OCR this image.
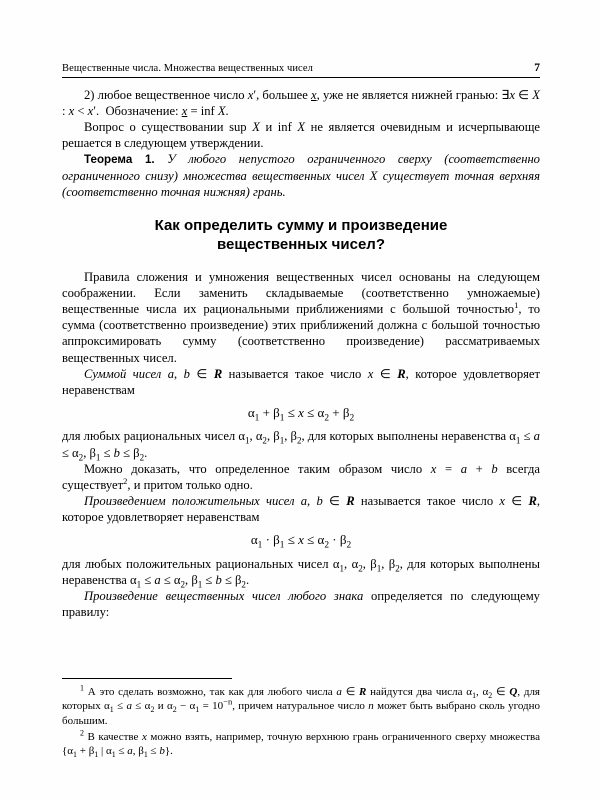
Вещественные числа. Множества вещественных чисел	7

2) любое вещественное число x′, большее x, уже не является нижней гранью: ∃x ∈ X : x < x′.  Обозначение: x = inf X.

Вопрос о существовании sup X и inf X не является очевидным и исчерпывающе решается в следующем утверждении.

Теорема 1. У любого непустого ограниченного сверху (соответственно ограниченного снизу) множества вещественных чисел X существует точная верхняя (соответственно точная нижняя) грань.

Как определить сумму и произведение
вещественных чисел?

Правила сложения и умножения вещественных чисел основаны на следующем соображении. Если заменить складываемые (соответственно умножаемые) вещественные числа их рациональными приближениями с большой точностью$^1$, то сумма (соответственно произведение) этих приближений должна с большой точностью аппроксимировать сумму (соответственно произведение) рассматриваемых вещественных чисел.

Суммой чисел a, b ∈ R называется такое число x ∈ R, которое удовлетворяет неравенствам

$\alpha_1 + \beta_1 \le x \le \alpha_2 + \beta_2$

для любых рациональных чисел $\alpha_1$, $\alpha_2$, $\beta_1$, $\beta_2$, для которых выполнены неравенства $\alpha_1 \le a \le \alpha_2$, $\beta_1 \le b \le \beta_2$.

Можно доказать, что определенное таким образом число x = a + b всегда существует$^2$, и притом только одно.

Произведением положительных чисел a, b ∈ R называется такое число x ∈ R, которое удовлетворяет неравенствам

$\alpha_1 \cdot \beta_1 \le x \le \alpha_2 \cdot \beta_2$

для любых положительных рациональных чисел $\alpha_1$, $\alpha_2$, $\beta_1$, $\beta_2$, для которых выполнены неравенства $\alpha_1 \le a \le \alpha_2$, $\beta_1 \le b \le \beta_2$.

Произведение вещественных чисел любого знака определяется по следующему правилу:

$^1$ А это сделать возможно, так как для любого числа a ∈ R найдутся два числа $\alpha_1$, $\alpha_2$ ∈ Q, для которых $\alpha_1 \le a \le \alpha_2$ и $\alpha_2 - \alpha_1 = 10^{-n}$, причем натуральное число n может быть выбрано сколь угодно большим.

$^2$ В качестве x можно взять, например, точную верхнюю грань ограниченного сверху множества {$\alpha_1 + \beta_1$ | $\alpha_1 \le a$, $\beta_1 \le b$}.
